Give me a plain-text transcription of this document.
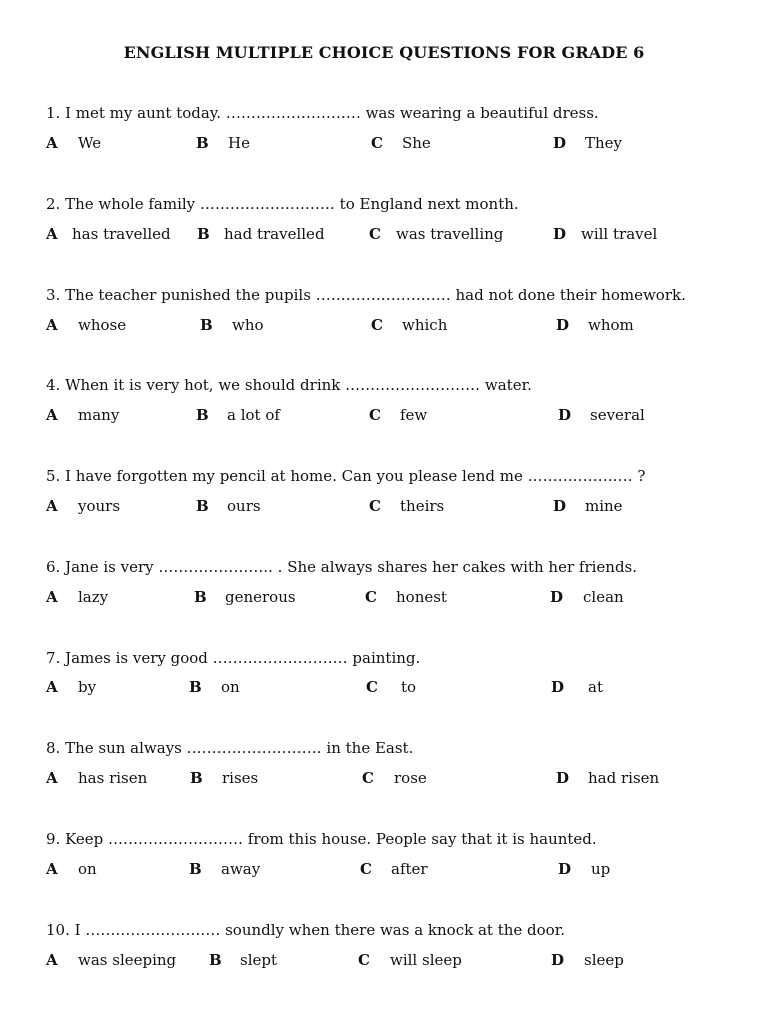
ENGLISH MULTIPLE CHOICE QUESTIONS FOR GRADE 6
1. I met my aunt today. ……………………… was wearing a beautiful dress.
A We	B He	C She	D They
2. The whole family ……………………… to England next month.
A has travelled B had travelled	C was travelling	D will travel
3. The teacher punished the pupils ……………………… had not done their homework.
A whose	B who	C which	D whom
4. When it is very hot, we should drink ……………………… water.
A many	B a lot of	C few	D several
5. I have forgotten my pencil at home. Can you please lend me ………………… ?
A yours	B ours	C theirs	D mine
6. Jane is very ………………….. . She always shares her cakes with her friends.
A lazy	B generous	C honest	D clean
7. James is very good ……………………… painting.
A by	B on	C to	D at
8. The sun always ……………………… in the East.
A has risen	B rises	C rose	D had risen
9. Keep ……………………… from this house. People say that it is haunted.
A on	B away	C after	D up
10. I ……………………… soundly when there was a knock at the door.
A was sleeping B slept	C will sleep	D sleep
